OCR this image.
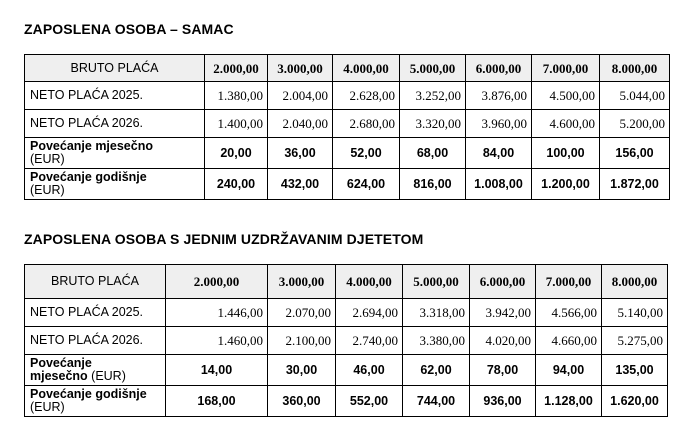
ZAPOSLENA OSOBA – SAMAC
BRUTO PLAĆA	2.000,00	3.000,00	4.000,00	5.000,00	6.000,00	7.000,00	8.000,00
NETO PLAĆA 2025.	1.380,00	2.004,00	2.628,00	3.252,00	3.876,00	4.500,00	5.044,00
NETO PLAĆA 2026.	1.400,00	2.040,00	2.680,00	3.320,00	3.960,00	4.600,00	5.200,00

Povećanje mjesečno
(EUR)	20,00	36,00	52,00	68,00	84,00	100,00	156,00

Povećanje godišnje
(EUR)	240,00	432,00	624,00	816,00	1.008,00	1.200,00	1.872,00
ZAPOSLENA OSOBA S JEDNIM UZDRŽAVANIM DJETETOM
BRUTO PLAĆA	2.000,00	3.000,00	4.000,00	5.000,00	6.000,00	7.000,00	8.000,00
NETO PLAĆA 2025.	1.446,00	2.070,00	2.694,00	3.318,00	3.942,00	4.566,00	5.140,00
NETO PLAĆA 2026.	1.460,00	2.100,00	2.740,00	3.380,00	4.020,00	4.660,00	5.275,00

Povećanje
mjesečno (EUR)	14,00	30,00	46,00	62,00	78,00	94,00	135,00

Povećanje godišnje
(EUR)	168,00	360,00	552,00	744,00	936,00	1.128,00	1.620,00
